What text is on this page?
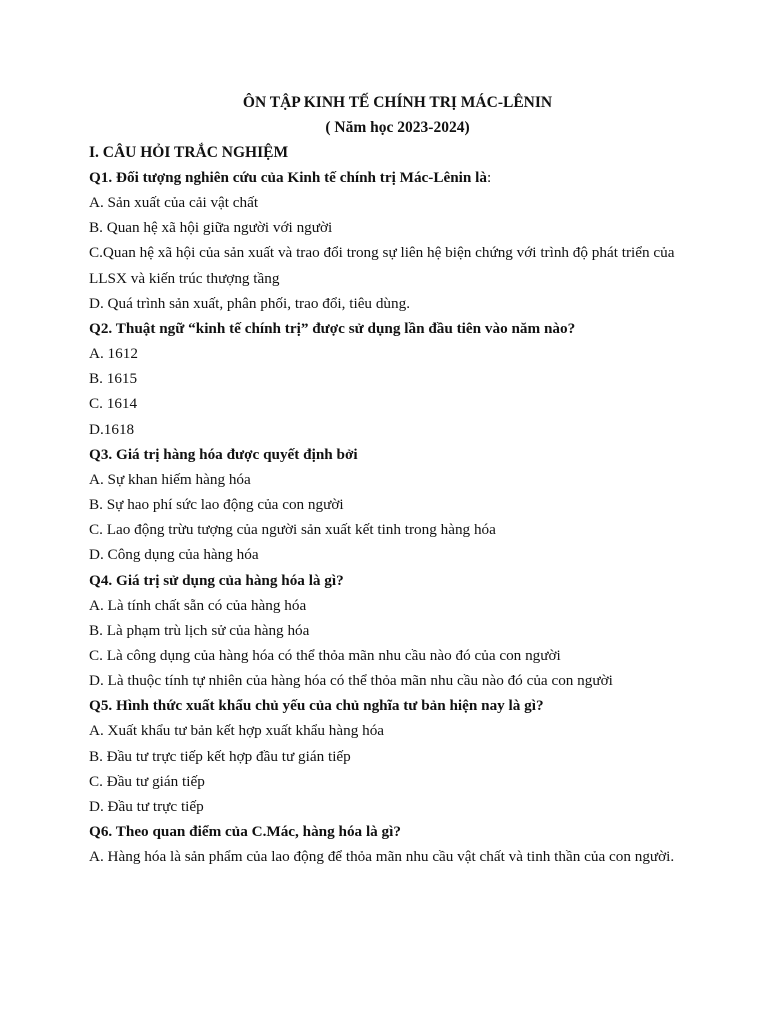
ÔN TẬP KINH TẾ CHÍNH TRỊ MÁC-LÊNIN
( Năm học 2023-2024)
I. CÂU HỎI TRẮC NGHIỆM
Q1. Đối tượng nghiên cứu của Kinh tế chính trị Mác-Lênin là:
A. Sản xuất của cải vật chất
B. Quan hệ xã hội giữa người với người
C.Quan hệ xã hội của sản xuất và trao đổi trong sự liên hệ biện chứng với trình độ phát triển của LLSX và kiến trúc thượng tầng
D. Quá trình sản xuất, phân phối, trao đổi, tiêu dùng.
Q2. Thuật ngữ “kinh tế chính trị” được sử dụng lần đầu tiên vào năm nào?
A. 1612
B. 1615
C. 1614
D.1618
Q3. Giá trị hàng hóa được quyết định bởi
A. Sự khan hiếm hàng hóa
B. Sự hao phí sức lao động của con người
C. Lao động trừu tượng của người sản xuất kết tinh trong hàng hóa
D. Công dụng của hàng hóa
Q4. Giá trị sử dụng của hàng hóa là gì?
A. Là tính chất sẵn có của hàng hóa
B. Là phạm trù lịch sử của hàng hóa
C. Là công dụng của hàng hóa có thể thỏa mãn nhu cầu nào đó của con người
D. Là thuộc tính tự nhiên của hàng hóa có thể thỏa mãn nhu cầu nào đó của con người
Q5. Hình thức xuất khẩu chủ yếu của chủ nghĩa tư bản hiện nay là gì?
A. Xuất khẩu tư bản kết hợp xuất khẩu hàng hóa
B. Đầu tư trực tiếp kết hợp đầu tư gián tiếp
C. Đầu tư gián tiếp
D. Đầu tư trực tiếp
Q6. Theo quan điểm của C.Mác, hàng hóa là gì?
A. Hàng hóa là sản phẩm của lao động để thỏa mãn nhu cầu vật chất và tinh thần của con người.
